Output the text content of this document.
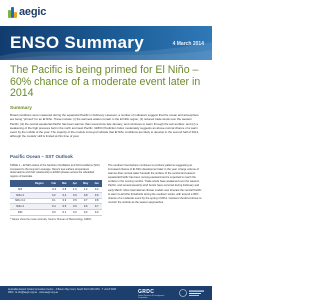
aegic
ENSO Summary	4 March 2014
The Pacific is being primed for El Niño – 60% chance of a moderate event later in 2014
Summary

Broad conditions were measured during the equatorial Pacific in February. However, a number of indicators suggest that the ocean and atmosphere are being "primed" for an El Niño. These include: (i) the warmest waters remain in the El Niño region; (ii) reduced trade winds over the western Pacific; (iii) the central equatorial Pacific has been warmer than usual since late January, and continues to warm through the sub-surface; and (iv) a weakening of the high pressure belt in the north and west Pacific. GRDC Prediction Index moderately suggests an above-normal chance of a warm event by the middle of the year. The majority of the models surveyed indicate that El Niño conditions are likely to develop in the second half of 2014, although the models' skill is limited at this time of year.

Pacific Ocean – SST Outlook

TABLE 1 – El Niño status of the Southern Oscillation and SOI conditions (SOI) compared to the long-term average. Recent sea surface temperature observations and their relationship to ENSO phases across the wheatbelt regions of Australia.

	Region	Feb	Mar	Apr	May	Jun
SOI		-0.3	0.8	1.6	1.2	0.4
Niño 3		0.2	0.4	0.6	0.8	0.9
Niño 3.4		0.1	0.3	0.5	0.7	0.8
Niño 4		0.4	0.5	0.6	0.6	0.7
IOD		0.0	0.1	0.2	0.2	0.3

* Values show the mean anomaly. Source: Bureau of Meteorology, GRDC.

The southern hemisphere continues to produce patterns suggesting an increased chance of El Niño development later in the year. A large volume of warmer-than-normal water beneath the surface of the central and eastern equatorial Pacific has been moving eastward and is expected to reach the surface in the coming months. Trade winds have weakened over the western Pacific, and several westerly wind bursts have occurred during February and early March. Most international climate models now forecast the central Pacific to warm to El Niño thresholds during the southern winter, with around a 60% chance of a moderate event by the spring of 2014. Growers should continue to monitor the outlook as the season approaches.

Australian Export Grains Innovation Centre · 3 Baron-Hay Court, South Perth WA 6151 · T +61 8 6168 9900 · E info@aegic.org.au · www.aegic.org.au	GRDC
Grains Research & Development Corporation
